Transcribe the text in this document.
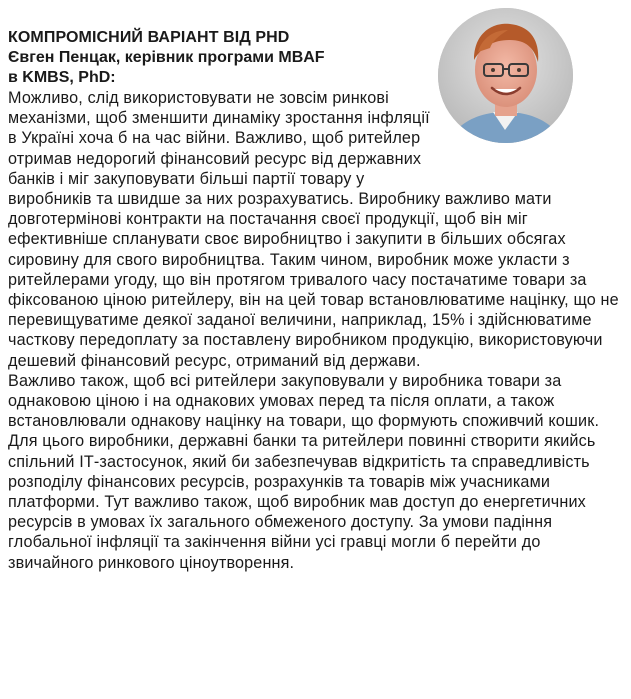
КОМПРОМІСНИЙ ВАРІАНТ ВІД PHD

Євген Пенцак, керівник програми MBAF

в KMBS, PhD:

Можливо, слід використовувати не зовсім ринкові механізми, щоб зменшити динаміку зростання інфляції в Україні хоча б на час війни. Важливо, щоб ритейлер отримав недорогий фінансовий ресурс від державних банків і міг закуповувати більші партії товару у виробників та швидше за них розрахуватись. Виробнику важливо мати довготермінові контракти на постачання своєї продукції, щоб він міг ефективніше спланувати своє виробництво і закупити в більших обсягах сировину для свого виробництва. Таким чином, виробник може укласти з ритейлерами угоду, що він протягом тривалого часу постачатиме товари за фіксованою ціною ритейлеру, він на цей товар встановлюватиме націнку, що не перевищуватиме деякої заданої величини, наприклад, 15% і здійснюватиме часткову передоплату за поставлену виробником продукцію, використовуючи дешевий фінансовий ресурс, отриманий від держави.

Важливо також, щоб всі ритейлери закуповували у виробника товари за однаковою ціною і на однакових умовах перед та після оплати, а також встановлювали однакову націнку на товари, що формують споживчий кошик. Для цього виробники, державні банки та ритейлери повинні створити якийсь спільний ІТ-застосунок, який би забезпечував відкритість та справедливість розподілу фінансових ресурсів, розрахунків та товарів між учасниками платформи. Тут важливо також, щоб виробник мав доступ до енергетичних ресурсів в умовах їх загального обмеженого доступу. За умови падіння глобальної інфляції та закінчення війни усі гравці могли б перейти до звичайного ринкового ціноутворення.
